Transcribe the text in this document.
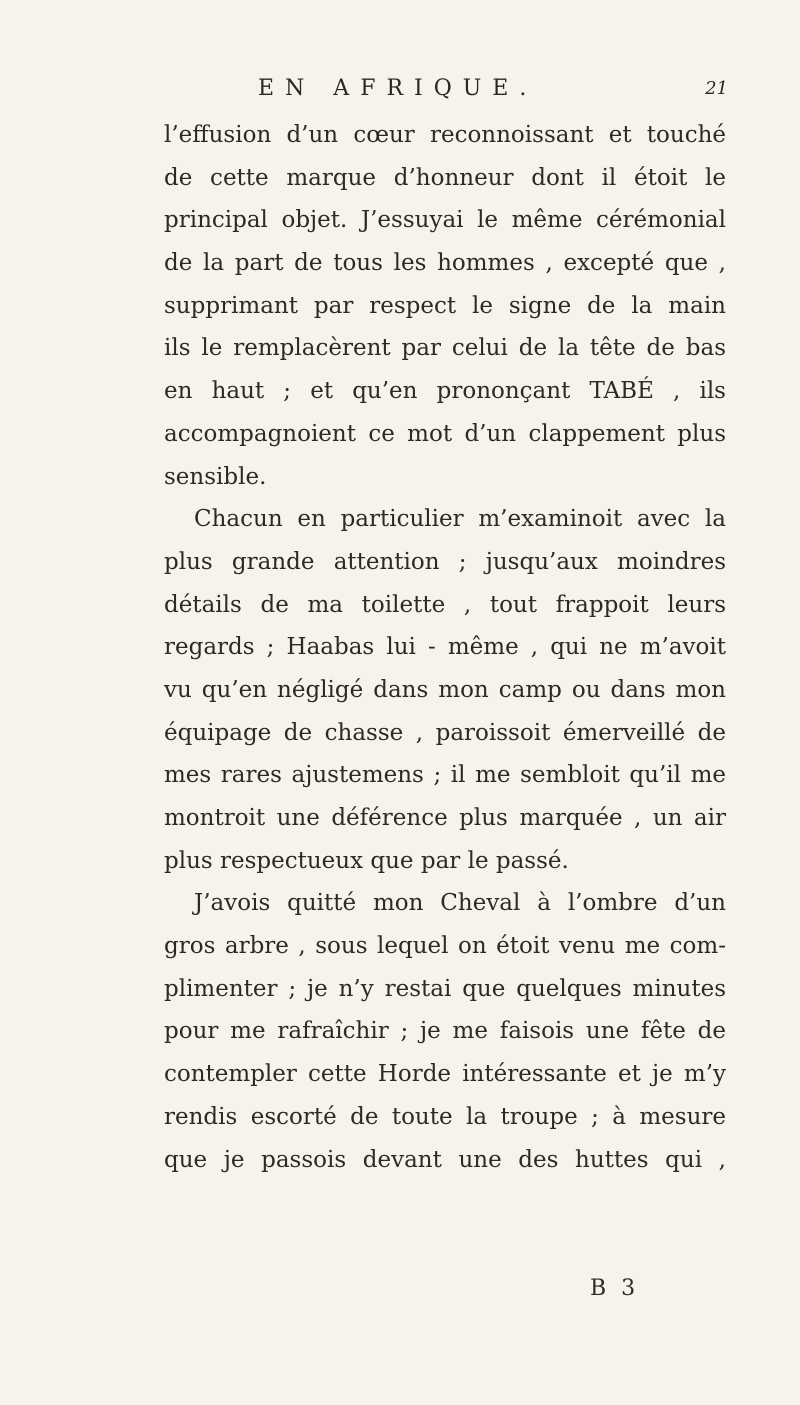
EN AFRIQUE.	21
l’effusion d’un cœur reconnoissant et touché
de cette marque d’honneur dont il étoit le
principal objet. J’essuyai le même cérémonial
de la part de tous les hommes , excepté que ,
supprimant par respect le signe de la main
ils le remplacèrent par celui de la tête de bas
en haut ; et qu’en prononçant TABÉ , ils
accompagnoient ce mot d’un clappement plus
sensible.
Chacun en particulier m’examinoit avec la
plus grande attention ; jusqu’aux moindres
détails de ma toilette , tout frappoit leurs
regards ; Haabas lui - même , qui ne m’avoit
vu qu’en négligé dans mon camp ou dans mon
équipage de chasse , paroissoit émerveillé de
mes rares ajustemens ; il me sembloit qu’il me
montroit une déférence plus marquée , un air
plus respectueux que par le passé.
J’avois quitté mon Cheval à l’ombre d’un
gros arbre , sous lequel on étoit venu me com-
plimenter ; je n’y restai que quelques minutes
pour me rafraîchir ; je me faisois une fête de
contempler cette Horde intéressante et je m’y
rendis escorté de toute la troupe ; à mesure
que je passois devant une des huttes qui ,
B 3
